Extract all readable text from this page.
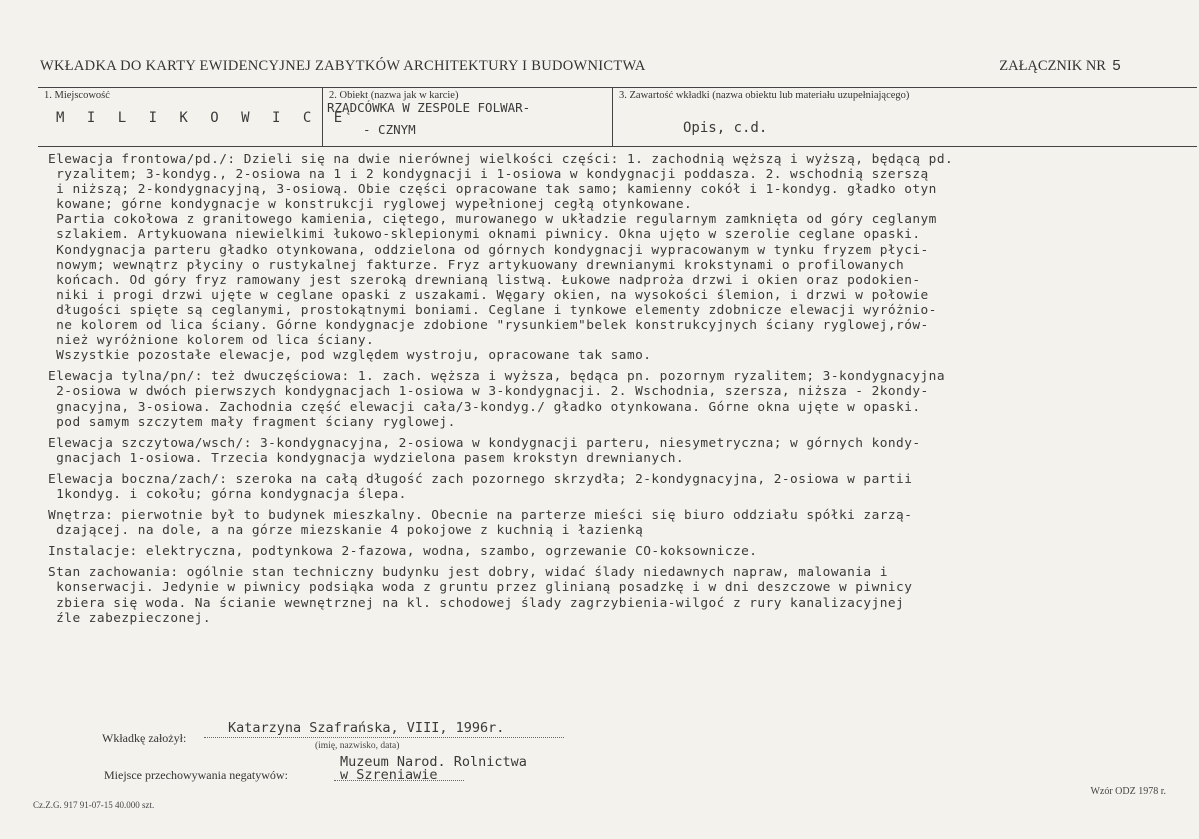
WKŁADKA DO KARTY EWIDENCYJNEJ ZABYTKÓW ARCHITEKTURY I BUDOWNICTWA	ZAŁĄCZNIK NR 5
1. Miejscowość
M I L I K O W I C E
2. Obiekt (nazwa jak w karcie)
RZĄDCÓWKA W ZESPOLE FOLWAR-
- CZNYM
3. Zawartość wkładki (nazwa obiektu lub materiału uzupełniającego)
Opis, c.d.

Elewacja frontowa/pd./: Dzieli się na dwie nierównej wielkości części: 1. zachodnią węższą i wyższą, będącą pd.
ryzalitem; 3-kondyg., 2-osiowa na 1 i 2 kondygnacji i 1-osiowa w kondygnacji poddasza. 2. wschodnią szerszą
i niższą; 2-kondygnacyjną, 3-osiową. Obie części opracowane tak samo; kamienny cokół i 1-kondyg. gładko otyn
kowane; górne kondygnacje w konstrukcji ryglowej wypełnionej cegłą otynkowane.
Partia cokołowa z granitowego kamienia, ciętego, murowanego w układzie regularnym zamknięta od góry ceglanym
szlakiem. Artykuowana niewielkimi łukowo-sklepionymi oknami piwnicy. Okna ujęto w szerolie ceglane opaski.
Kondygnacja parteru gładko otynkowana, oddzielona od górnych kondygnacji wypracowanym w tynku fryzem płyci-
nowym; wewnątrz płyciny o rustykalnej fakturze. Fryz artykuowany drewnianymi krokstynami o profilowanych
końcach. Od góry fryz ramowany jest szeroką drewnianą listwą. Łukowe nadproża drzwi i okien oraz podokien-
niki i progi drzwi ujęte w ceglane opaski z uszakami. Węgary okien, na wysokości ślemion, i drzwi w połowie
długości spięte są ceglanymi, prostokątnymi boniami. Ceglane i tynkowe elementy zdobnicze elewacji wyróżnio-
ne kolorem od lica ściany. Górne kondygnacje zdobione "rysunkiem"belek konstrukcyjnych ściany ryglowej,rów-
nież wyróżnione kolorem od lica ściany.
Wszystkie pozostałe elewacje, pod względem wystroju, opracowane tak samo.

Elewacja tylna/pn/: też dwuczęściowa: 1. zach. węższa i wyższa, będąca pn. pozornym ryzalitem; 3-kondygnacyjna
2-osiowa w dwóch pierwszych kondygnacjach 1-osiowa w 3-kondygnacji. 2. Wschodnia, szersza, niższa - 2kondy-
gnacyjna, 3-osiowa. Zachodnia część elewacji cała/3-kondyg./ gładko otynkowana. Górne okna ujęte w opaski.
pod samym szczytem mały fragment ściany ryglowej.

Elewacja szczytowa/wsch/: 3-kondygnacyjna, 2-osiowa w kondygnacji parteru, niesymetryczna; w górnych kondy-
gnacjach 1-osiowa. Trzecia kondygnacja wydzielona pasem krokstyn drewnianych.

Elewacja boczna/zach/: szeroka na całą długość zach pozornego skrzydła; 2-kondygnacyjna, 2-osiowa w partii
1kondyg. i cokołu; górna kondygnacja ślepa.

Wnętrza: pierwotnie był to budynek mieszkalny. Obecnie na parterze mieści się biuro oddziału spółki zarzą-
dzającej. na dole, a na górze miezskanie 4 pokojowe z kuchnią i łazienką

Instalacje: elektryczna, podtynkowa 2-fazowa, wodna, szambo, ogrzewanie CO-koksownicze.

Stan zachowania: ogólnie stan techniczny budynku jest dobry, widać ślady niedawnych napraw, malowania i
konserwacji. Jedynie w piwnicy podsiąka woda z gruntu przez glinianą posadzkę i w dni deszczowe w piwnicy
zbiera się woda. Na ścianie wewnętrznej na kl. schodowej ślady zagrzybienia-wilgoć z rury kanalizacyjnej
źle zabezpieczonej.

Wkładkę założył:
Katarzyna Szafrańska, VIII, 1996r.
(imię, nazwisko, data)
Miejsce przechowywania negatywów:
Muzeum Narod. Rolnictwa
w Szreniawie
Cz.Z.G. 917 91-07-15 40.000 szt.
Wzór ODZ 1978 r.
